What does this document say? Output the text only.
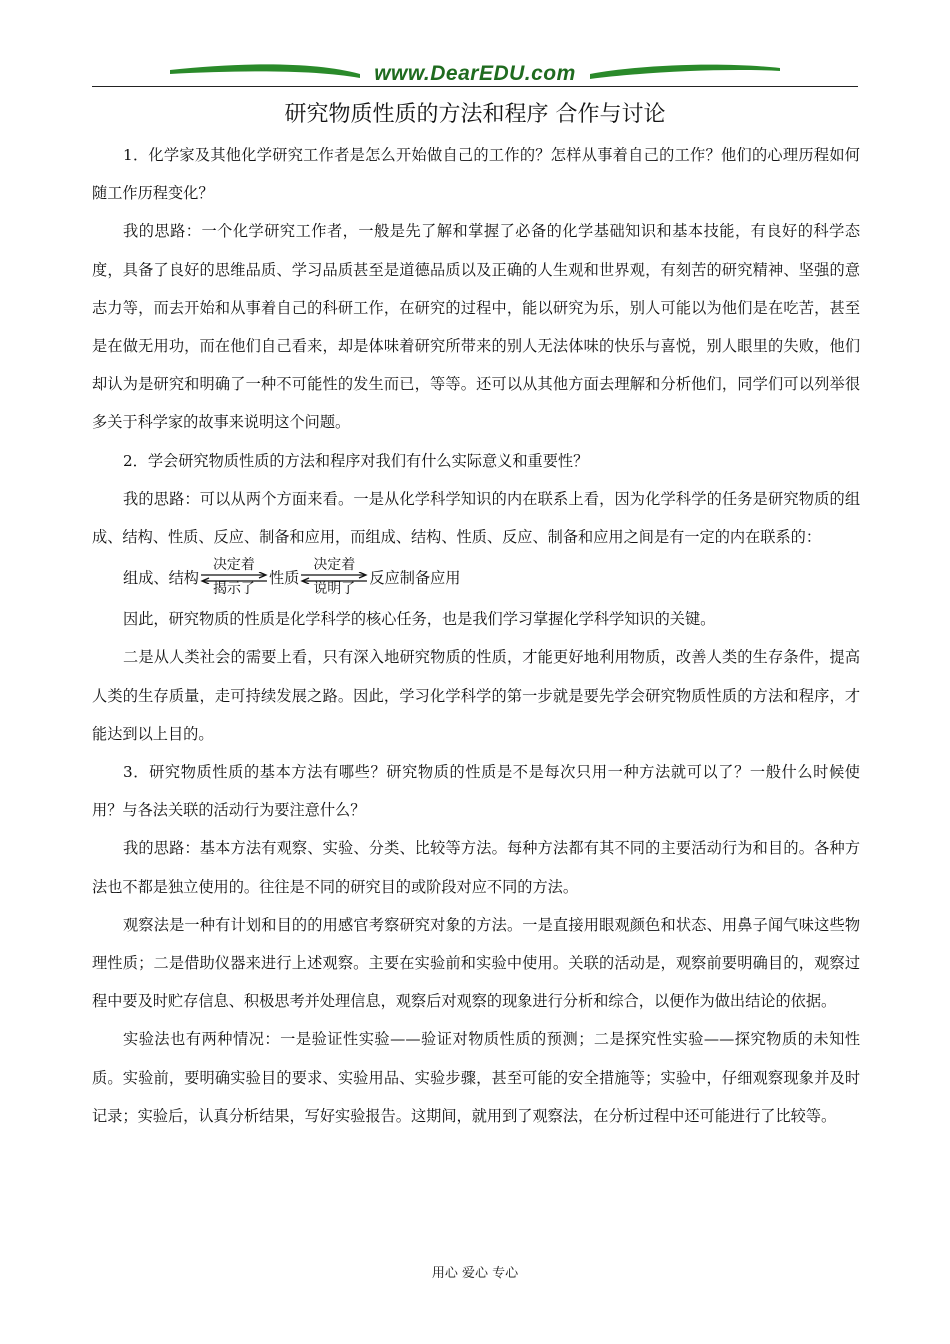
www.DearEDU.com
研究物质性质的方法和程序 合作与讨论

1．化学家及其他化学研究工作者是怎么开始做自己的工作的？怎样从事着自己的工作？他们的心理历程如何随工作历程变化？

我的思路：一个化学研究工作者，一般是先了解和掌握了必备的化学基础知识和基本技能，有良好的科学态度，具备了良好的思维品质、学习品质甚至是道德品质以及正确的人生观和世界观，有刻苦的研究精神、坚强的意志力等，而去开始和从事着自己的科研工作，在研究的过程中，能以研究为乐，别人可能以为他们是在吃苦，甚至是在做无用功，而在他们自己看来，却是体味着研究所带来的别人无法体味的快乐与喜悦，别人眼里的失败，他们却认为是研究和明确了一种不可能性的发生而已，等等。还可以从其他方面去理解和分析他们，同学们可以列举很多关于科学家的故事来说明这个问题。

2．学会研究物质性质的方法和程序对我们有什么实际意义和重要性？

我的思路：可以从两个方面来看。一是从化学科学知识的内在联系上看，因为化学科学的任务是研究物质的组成、结构、性质、反应、制备和应用，而组成、结构、性质、反应、制备和应用之间是有一定的内在联系的：

组成、结构
决定着
揭示了
性质
决定着
说明了
反应制备应用

因此，研究物质的性质是化学科学的核心任务，也是我们学习掌握化学科学知识的关键。

二是从人类社会的需要上看，只有深入地研究物质的性质，才能更好地利用物质，改善人类的生存条件，提高人类的生存质量，走可持续发展之路。因此，学习化学科学的第一步就是要先学会研究物质性质的方法和程序，才能达到以上目的。

3．研究物质性质的基本方法有哪些？研究物质的性质是不是每次只用一种方法就可以了？一般什么时候使用？与各法关联的活动行为要注意什么？

我的思路：基本方法有观察、实验、分类、比较等方法。每种方法都有其不同的主要活动行为和目的。各种方法也不都是独立使用的。往往是不同的研究目的或阶段对应不同的方法。

观察法是一种有计划和目的的用感官考察研究对象的方法。一是直接用眼观颜色和状态、用鼻子闻气味这些物理性质；二是借助仪器来进行上述观察。主要在实验前和实验中使用。关联的活动是，观察前要明确目的，观察过程中要及时贮存信息、积极思考并处理信息，观察后对观察的现象进行分析和综合，以便作为做出结论的依据。

实验法也有两种情况：一是验证性实验——验证对物质性质的预测；二是探究性实验——探究物质的未知性质。实验前，要明确实验目的要求、实验用品、实验步骤，甚至可能的安全措施等；实验中，仔细观察现象并及时记录；实验后，认真分析结果，写好实验报告。这期间，就用到了观察法，在分析过程中还可能进行了比较等。

用心 爱心 专心
